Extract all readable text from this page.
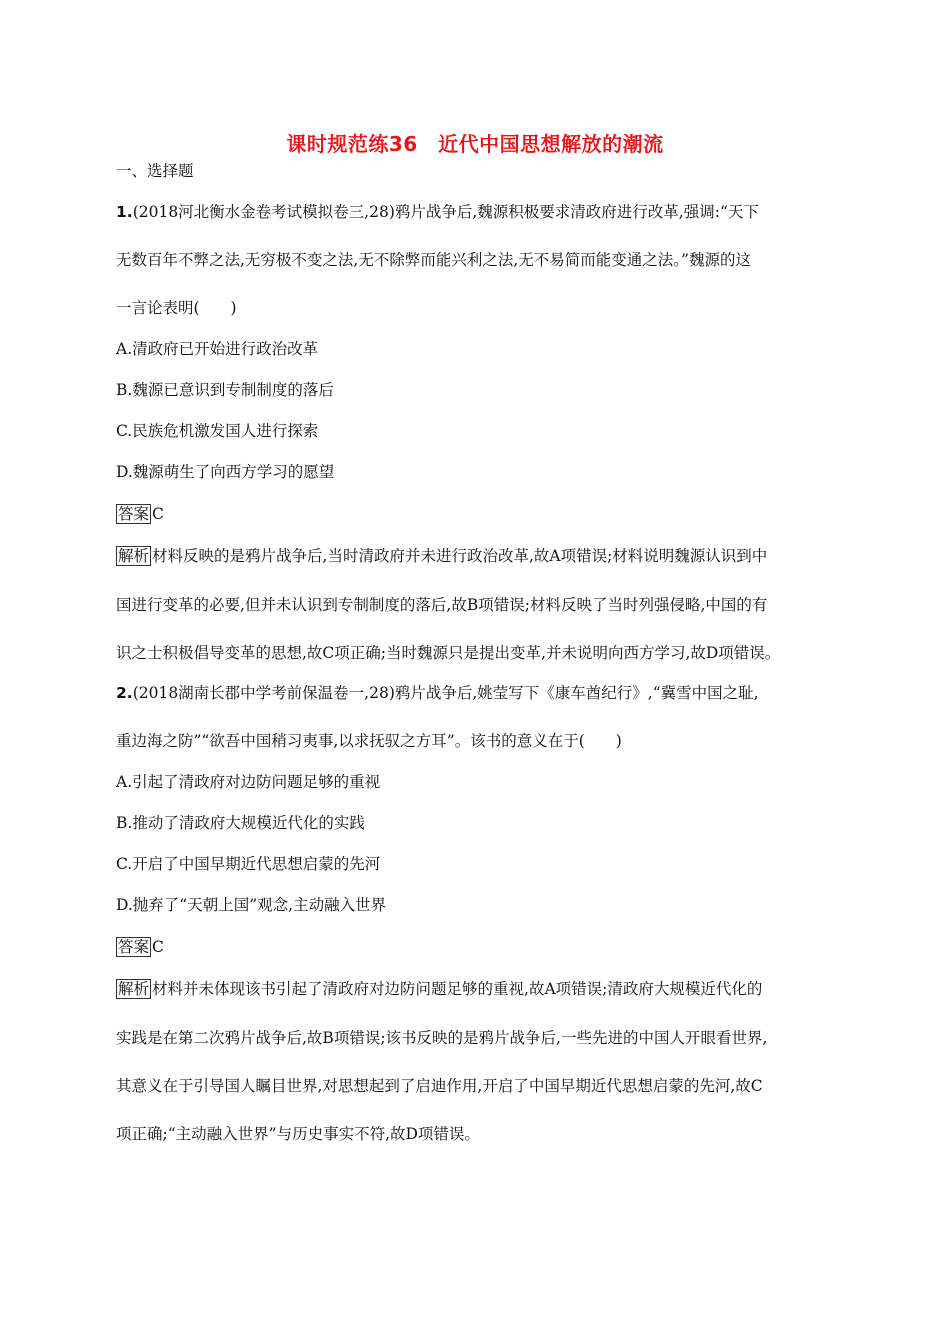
课时规范练36　近代中国思想解放的潮流
一、选择题
1.(2018河北衡水金卷考试模拟卷三,28)鸦片战争后,魏源积极要求清政府进行改革,强调:“天下
无数百年不弊之法,无穷极不变之法,无不除弊而能兴利之法,无不易简而能变通之法。”魏源的这
一言论表明(　　)
A.清政府已开始进行政治改革
B.魏源已意识到专制制度的落后
C.民族危机激发国人进行探索
D.魏源萌生了向西方学习的愿望
答案 C
解析 材料反映的是鸦片战争后,当时清政府并未进行政治改革,故A项错误;材料说明魏源认识到中
国进行变革的必要,但并未认识到专制制度的落后,故B项错误;材料反映了当时列强侵略,中国的有
识之士积极倡导变革的思想,故C项正确;当时魏源只是提出变革,并未说明向西方学习,故D项错误。
2.(2018湖南长郡中学考前保温卷一,28)鸦片战争后,姚莹写下《康车酋纪行》,“冀雪中国之耻,
重边海之防”“欲吾中国稍习夷事,以求抚驭之方耳”。该书的意义在于(　　)
A.引起了清政府对边防问题足够的重视
B.推动了清政府大规模近代化的实践
C.开启了中国早期近代思想启蒙的先河
D.抛弃了“天朝上国”观念,主动融入世界
答案 C
解析 材料并未体现该书引起了清政府对边防问题足够的重视,故A项错误;清政府大规模近代化的
实践是在第二次鸦片战争后,故B项错误;该书反映的是鸦片战争后,一些先进的中国人开眼看世界,
其意义在于引导国人瞩目世界,对思想起到了启迪作用,开启了中国早期近代思想启蒙的先河,故C
项正确;“主动融入世界”与历史事实不符,故D项错误。
